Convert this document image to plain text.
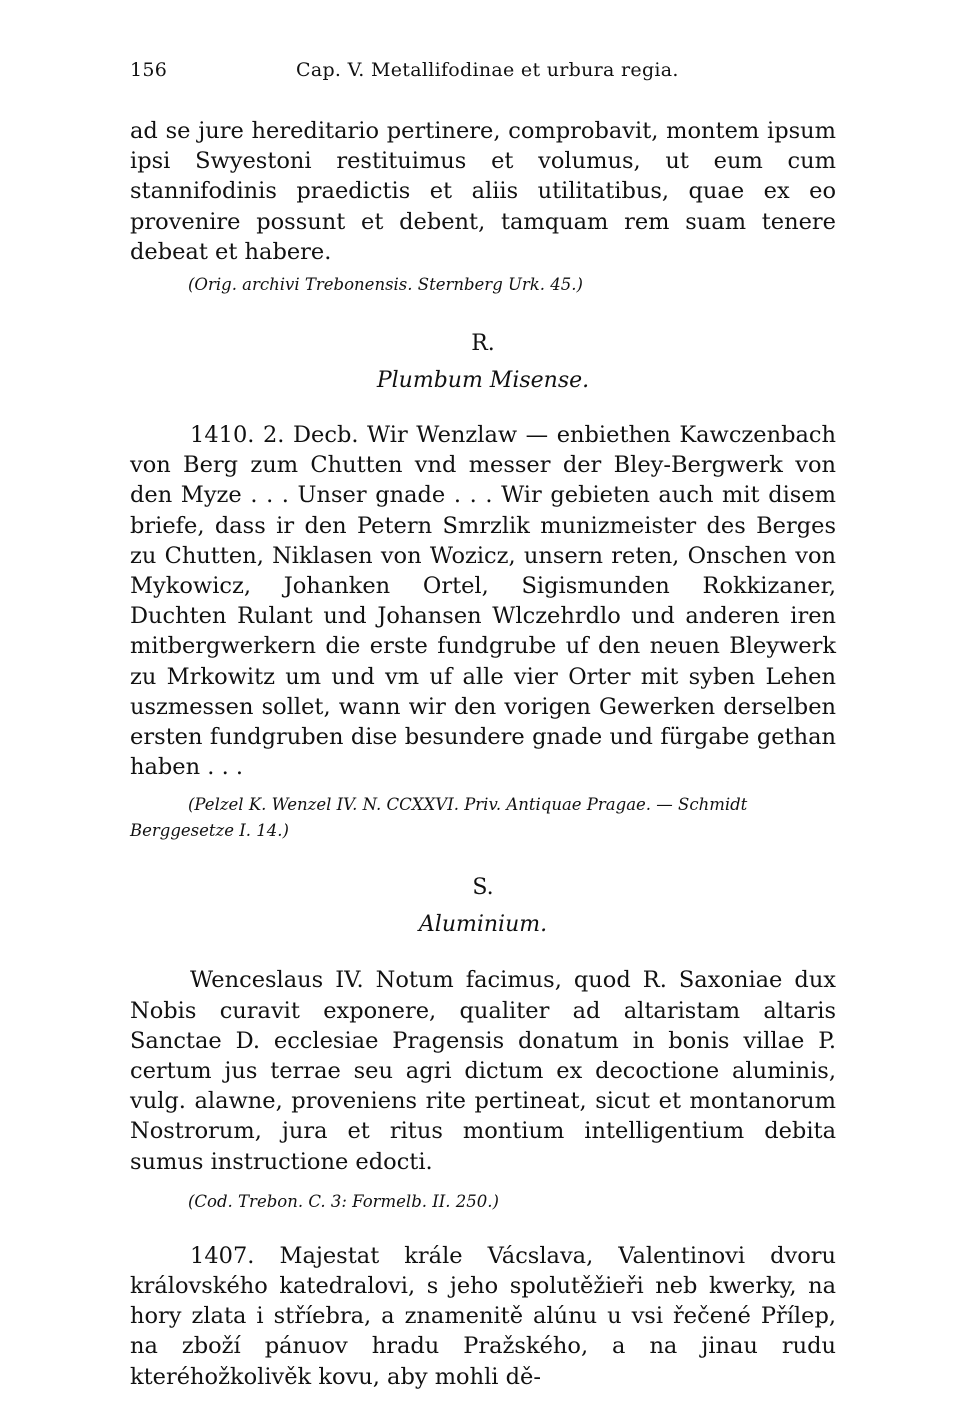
156	Cap. V. Metallifodinae et urbura regia.

ad se jure hereditario pertinere, comprobavit, montem ipsum ipsi Swyestoni restituimus et volumus, ut eum cum stannifodinis praedictis et aliis utilitatibus, quae ex eo provenire possunt et debent, tamquam rem suam tenere debeat et habere.

(Orig. archivi Trebonensis. Sternberg Urk. 45.)

R.
Plumbum Misense.

1410. 2. Decb. Wir Wenzlaw — enbiethen Kawczenbach von Berg zum Chutten vnd messer der Bley-Bergwerk von den Myze . . . Unser gnade . . . Wir gebieten auch mit disem briefe, dass ir den Petern Smrzlik munizmeister des Berges zu Chutten, Niklasen von Wozicz, unsern reten, Onschen von Mykowicz, Johanken Ortel, Sigismunden Rokkizaner, Duchten Rulant und Johansen Wlczehrdlo und anderen iren mitbergwerkern die erste fundgrube uf den neuen Bleywerk zu Mrkowitz um und vm uf alle vier Orter mit syben Lehen uszmessen sollet, wann wir den vorigen Gewerken derselben ersten fundgruben dise besundere gnade und fürgabe gethan haben . . .

(Pelzel K. Wenzel IV. N. CCXXVI. Priv. Antiquae Pragae. — Schmidt Berggesetze I. 14.)

S.
Aluminium.

Wenceslaus IV. Notum facimus, quod R. Saxoniae dux Nobis curavit exponere, qualiter ad altaristam altaris Sanctae D. ecclesiae Pragensis donatum in bonis villae P. certum jus terrae seu agri dictum ex decoctione aluminis, vulg. alawne, proveniens rite pertineat, sicut et montanorum Nostrorum, jura et ritus montium intelligentium debita sumus instructione edocti.

(Cod. Trebon. C. 3: Formelb. II. 250.)

1407. Majestat krále Vácslava, Valentinovi dvoru královského katedralovi, s jeho spolutěžieři neb kwerky, na hory zlata i stříebra, a znamenitě alúnu u vsi řečené Přílep, na zboží pánuov hradu Pražského, a na jinau rudu kteréhožkolivěk kovu, aby mohli dě-
